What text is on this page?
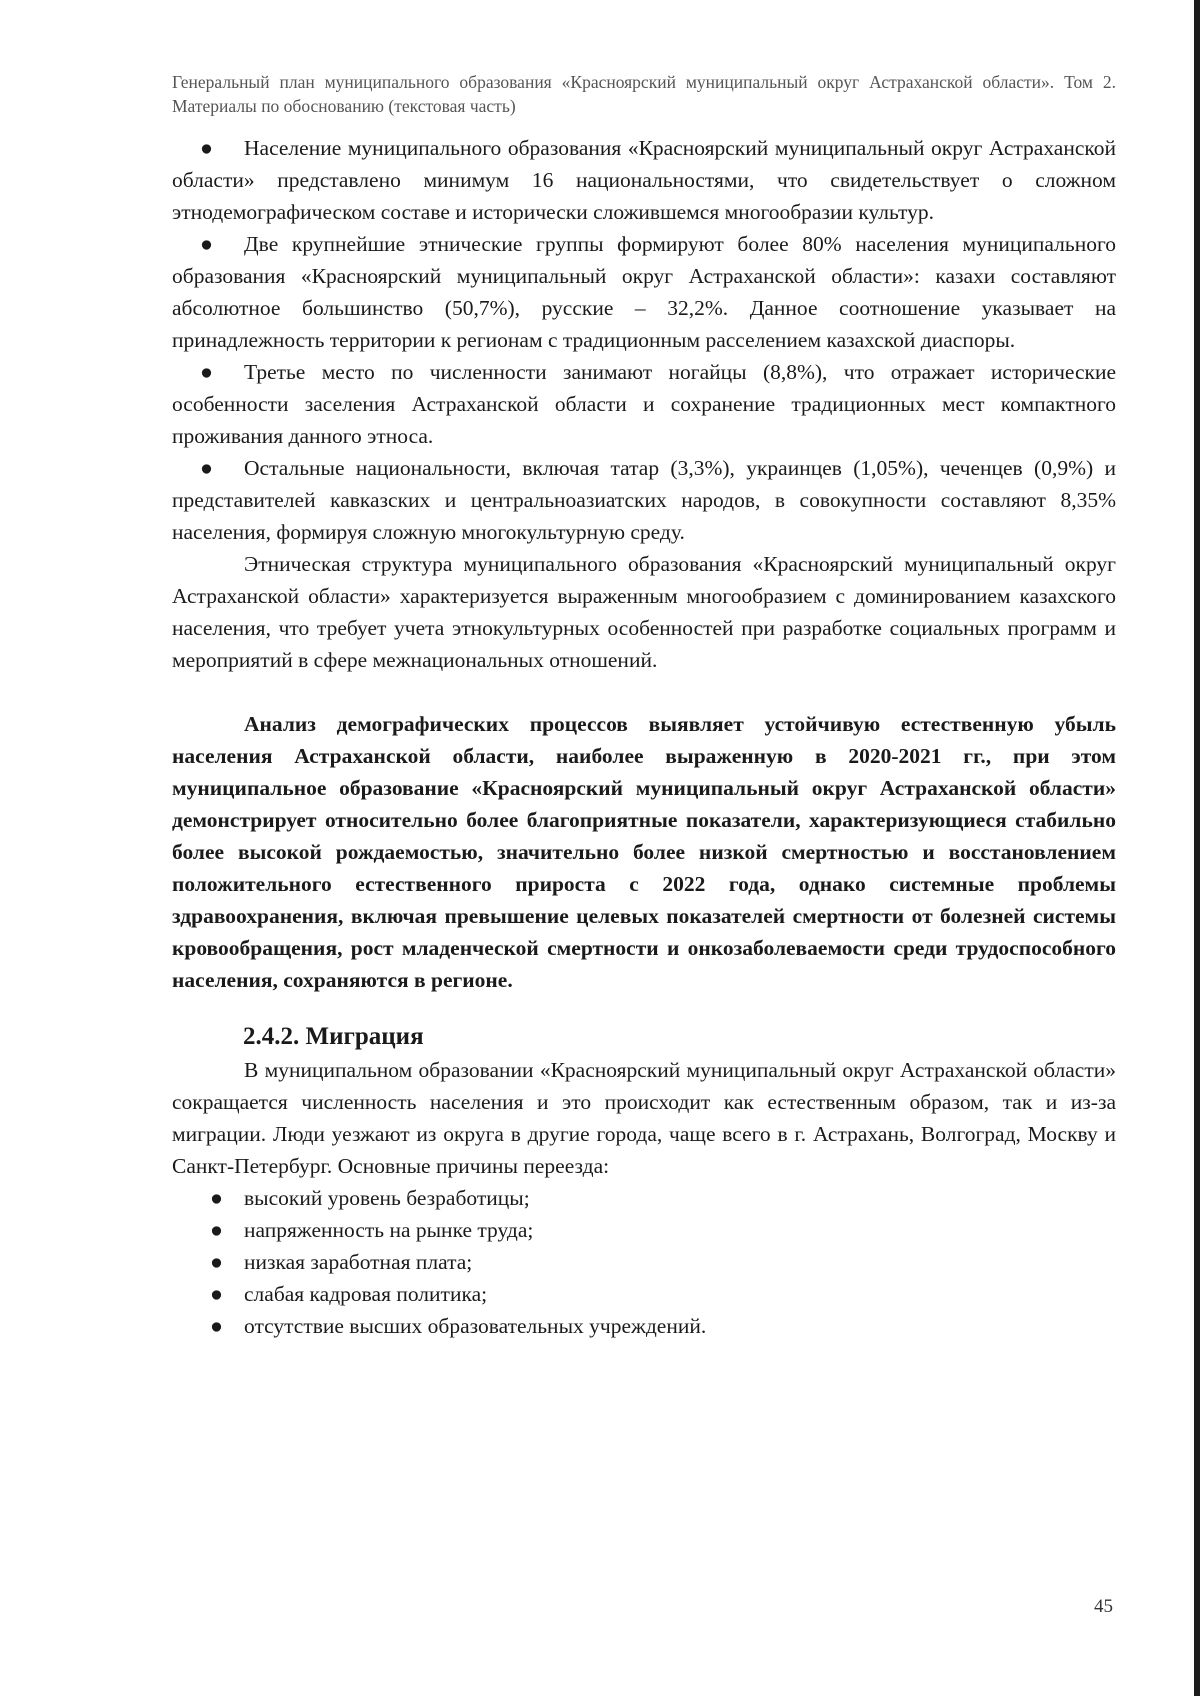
Генеральный план муниципального образования «Красноярский муниципальный округ Астраханской области». Том 2. Материалы по обоснованию (текстовая часть)

● Население муниципального образования «Красноярский муниципальный округ Астраханской области» представлено минимум 16 национальностями, что свидетельствует о сложном этнодемографическом составе и исторически сложившемся многообразии культур.

● Две крупнейшие этнические группы формируют более 80% населения муниципального образования «Красноярский муниципальный округ Астраханской области»: казахи составляют абсолютное большинство (50,7%), русские – 32,2%. Данное соотношение указывает на принадлежность территории к регионам с традиционным расселением казахской диаспоры.

● Третье место по численности занимают ногайцы (8,8%), что отражает исторические особенности заселения Астраханской области и сохранение традиционных мест компактного проживания данного этноса.

● Остальные национальности, включая татар (3,3%), украинцев (1,05%), чеченцев (0,9%) и представителей кавказских и центральноазиатских народов, в совокупности составляют 8,35% населения, формируя сложную многокультурную среду.

Этническая структура муниципального образования «Красноярский муниципальный округ Астраханской области» характеризуется выраженным многообразием с доминированием казахского населения, что требует учета этнокультурных особенностей при разработке социальных программ и мероприятий в сфере межнациональных отношений.

Анализ демографических процессов выявляет устойчивую естественную убыль населения Астраханской области, наиболее выраженную в 2020-2021 гг., при этом муниципальное образование «Красноярский муниципальный округ Астраханской области» демонстрирует относительно более благоприятные показатели, характеризующиеся стабильно более высокой рождаемостью, значительно более низкой смертностью и восстановлением положительного естественного прироста с 2022 года, однако системные проблемы здравоохранения, включая превышение целевых показателей смертности от болезней системы кровообращения, рост младенческой смертности и онкозаболеваемости среди трудоспособного населения, сохраняются в регионе.

2.4.2. Миграция

В муниципальном образовании «Красноярский муниципальный округ Астраханской области» сокращается численность населения и это происходит как естественным образом, так и из-за миграции. Люди уезжают из округа в другие города, чаще всего в г. Астрахань, Волгоград, Москву и Санкт-Петербург. Основные причины переезда:

● высокий уровень безработицы;
● напряженность на рынке труда;
● низкая заработная плата;
● слабая кадровая политика;
● отсутствие высших образовательных учреждений.
45
